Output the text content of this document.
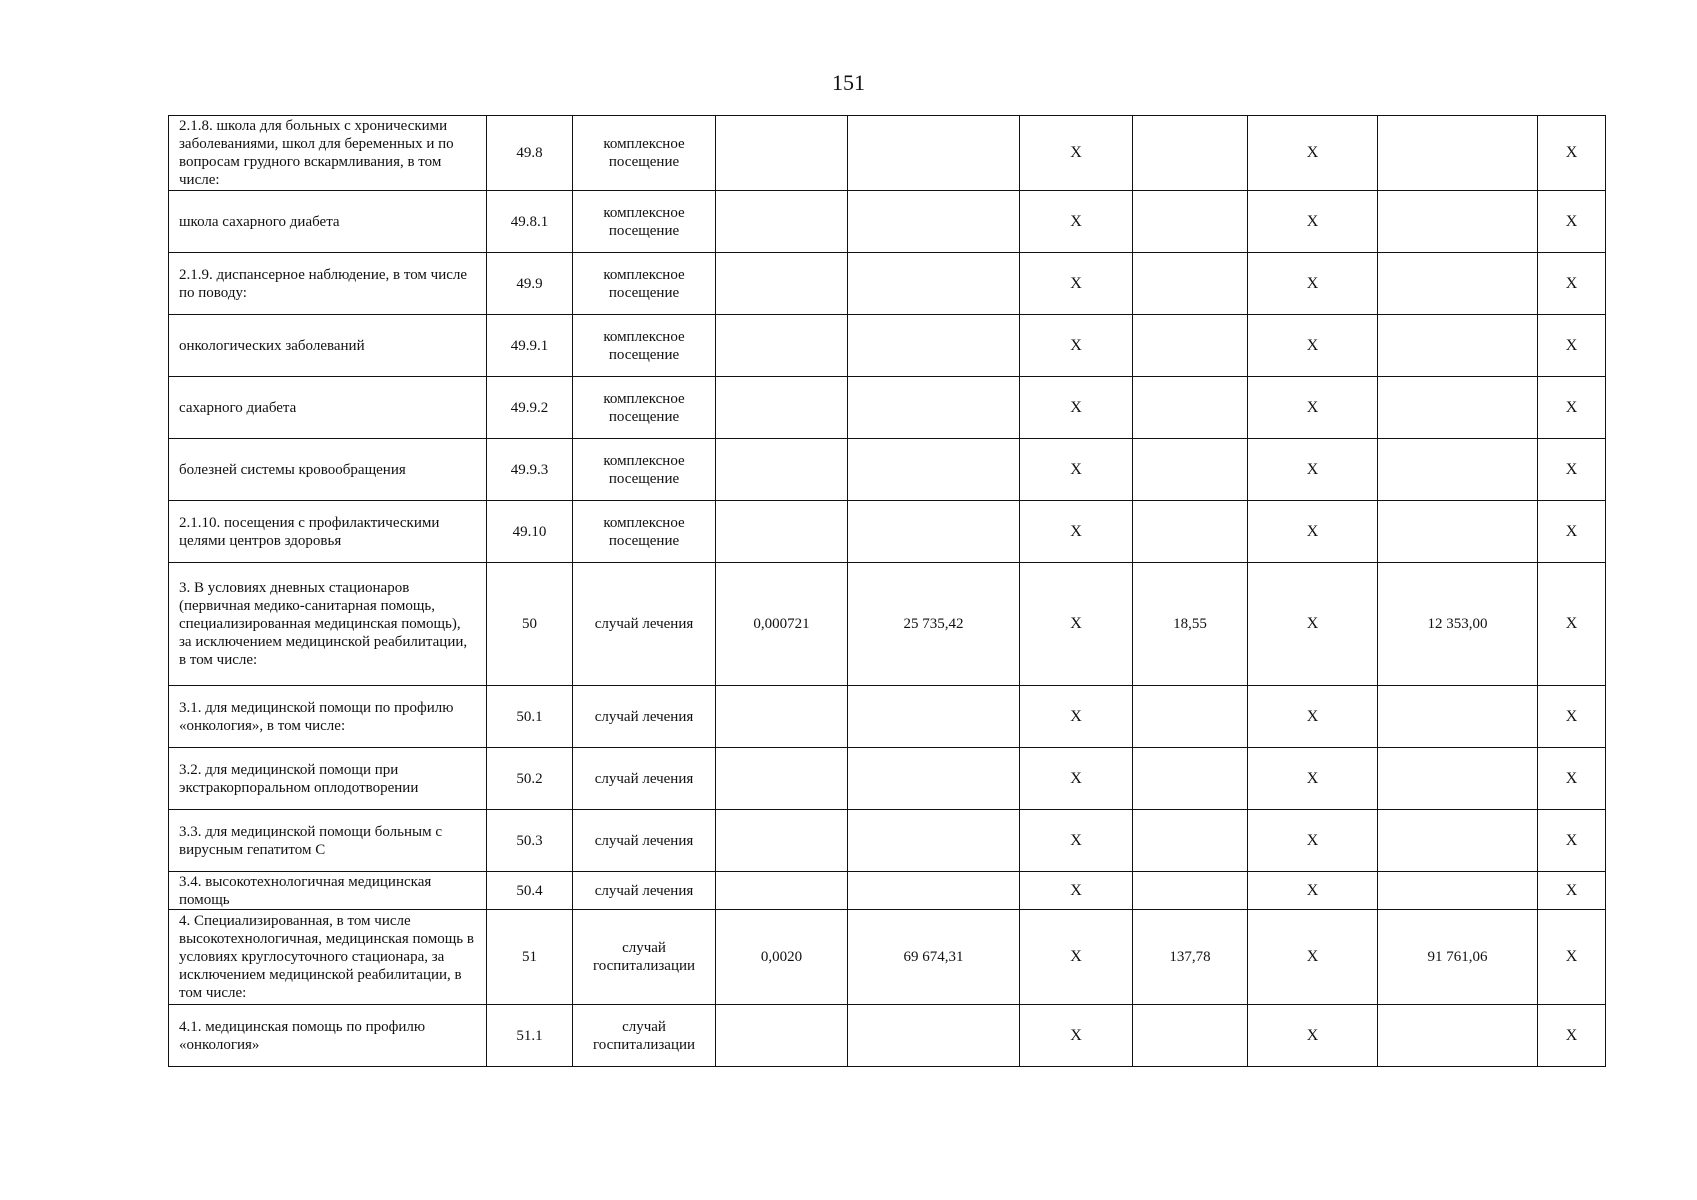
151
2.1.8. школа для больных с хроническими заболеваниями, школ для беременных и по вопросам грудного вскармливания, в том числе:	49.8	комплексное посещение			X		X		X
школа сахарного диабета	49.8.1	комплексное посещение			X		X		X
2.1.9. диспансерное наблюдение, в том числе по поводу:	49.9	комплексное посещение			X		X		X
онкологических заболеваний	49.9.1	комплексное посещение			X		X		X
сахарного диабета	49.9.2	комплексное посещение			X		X		X
болезней системы кровообращения	49.9.3	комплексное посещение			X		X		X
2.1.10. посещения с профилактическими целями центров здоровья	49.10	комплексное посещение			X		X		X
3. В условиях дневных стационаров (первичная медико-санитарная помощь, специализированная медицинская помощь), за исключением медицинской реабилитации, в том числе:	50	случай лечения	0,000721	25 735,42	X	18,55	X	12 353,00	X
3.1. для медицинской помощи по профилю «онкология», в том числе:	50.1	случай лечения			X		X		X
3.2. для медицинской помощи при экстракорпоральном оплодотворении	50.2	случай лечения			X		X		X
3.3. для медицинской помощи больным с вирусным гепатитом С	50.3	случай лечения			X		X		X
3.4. высокотехнологичная медицинская помощь	50.4	случай лечения			X		X		X
4. Специализированная, в том числе высокотехнологичная, медицинская помощь в условиях круглосуточного стационара, за исключением медицинской реабилитации, в том числе:	51	случай госпитализации	0,0020	69 674,31	X	137,78	X	91 761,06	X
4.1. медицинская помощь по профилю «онкология»	51.1	случай госпитализации			X		X		X
